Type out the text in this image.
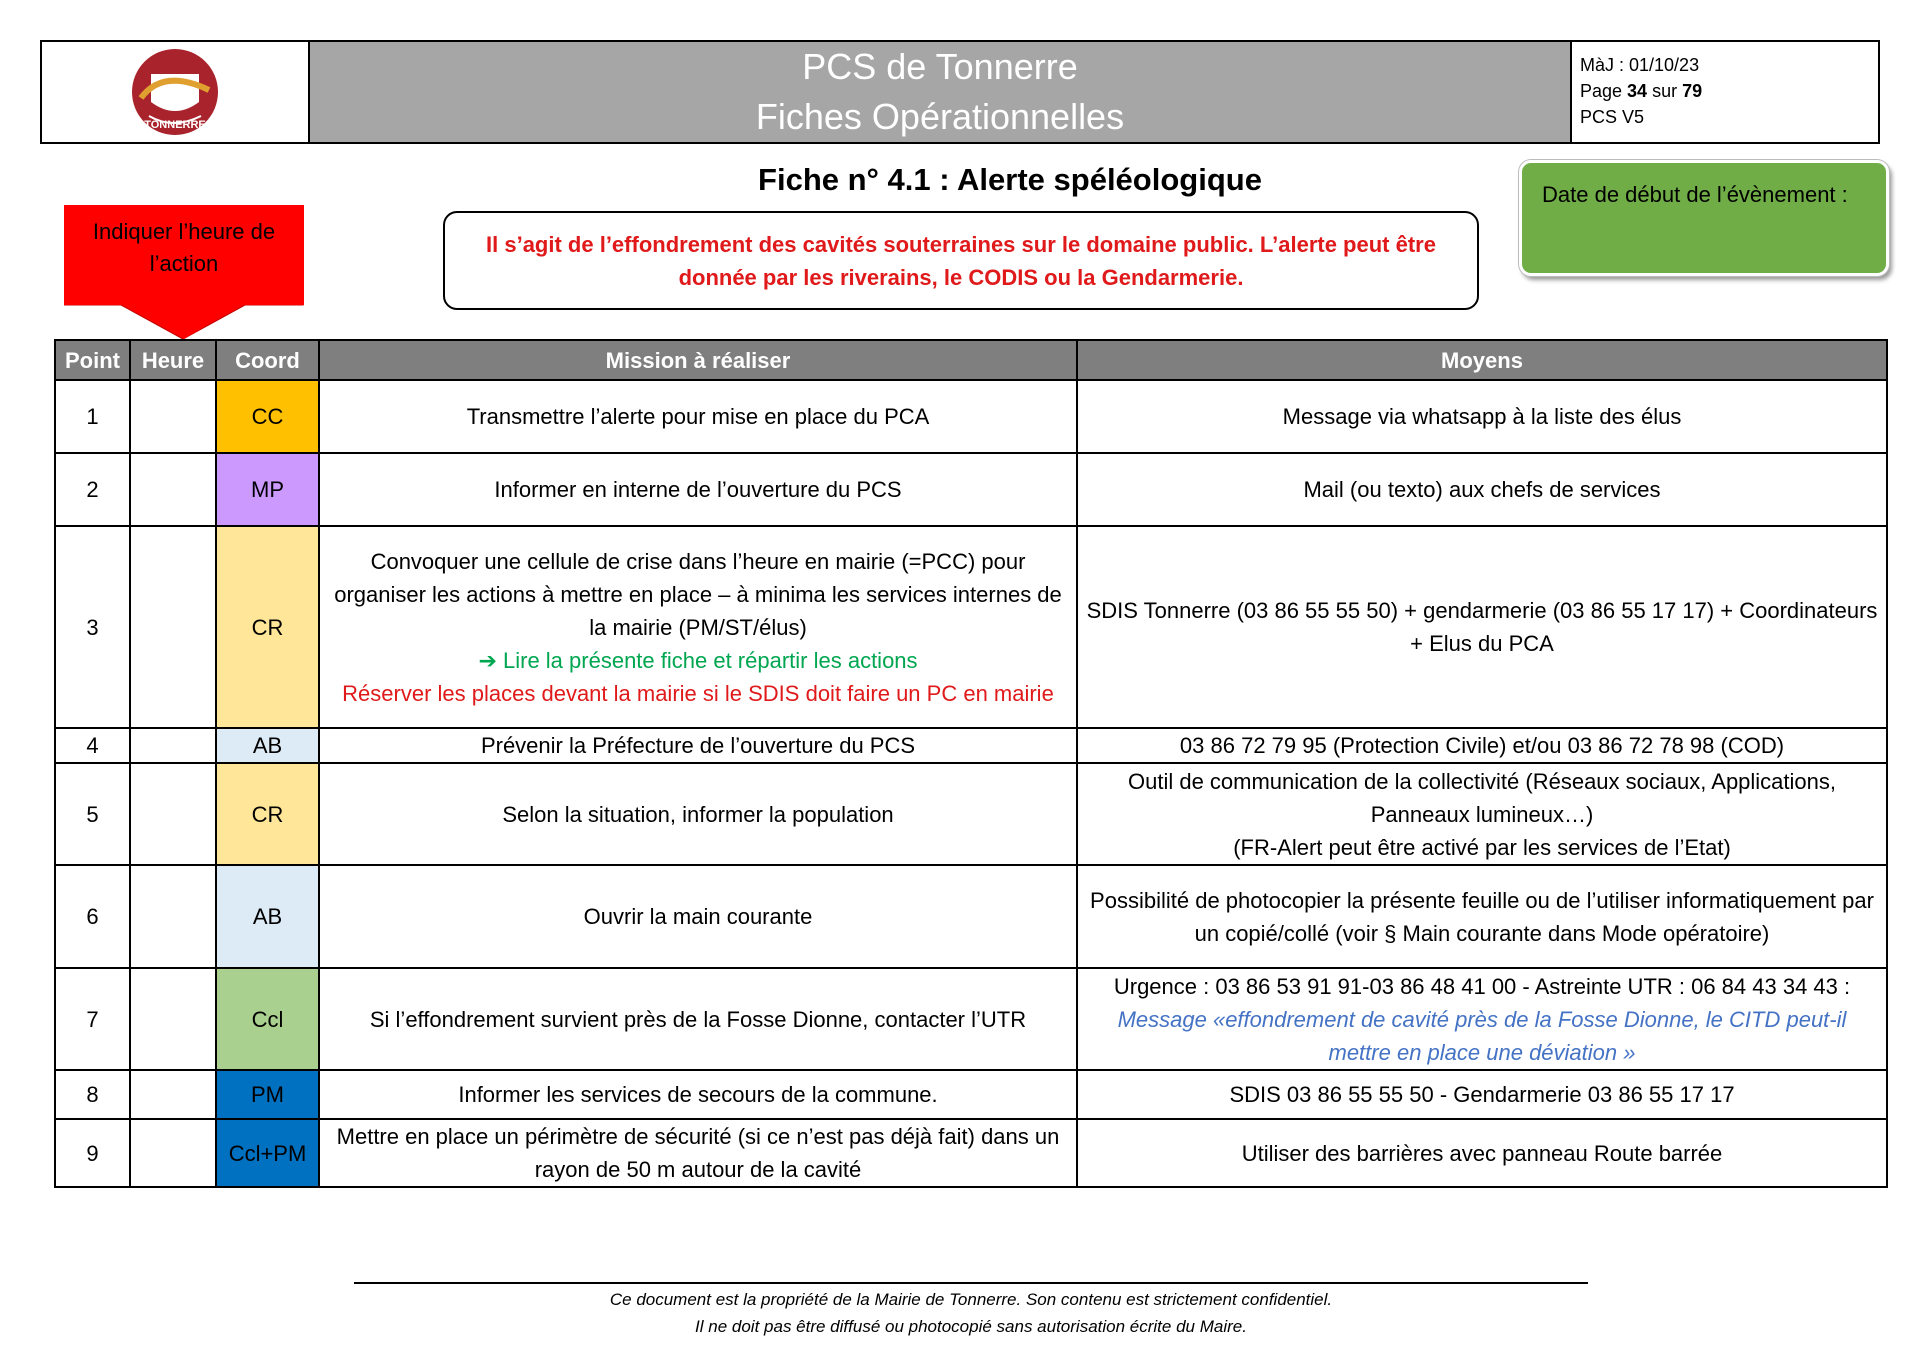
TONNERRE
PCS de Tonnerre
Fiches Opérationnelles
MàJ : 01/10/23
Page 34 sur 79
PCS V5
Fiche n° 4.1 : Alerte spéléologique
Il s’agit de l’effondrement des cavités souterraines sur le domaine public. L’alerte peut être donnée par les riverains, le CODIS ou la Gendarmerie.
Date de début de l’évènement :
Indiquer l’heure de l’action
Point	Heure	Coord	Mission à réaliser	Moyens
1		CC	Transmettre l’alerte pour mise en place du PCA	Message via whatsapp à la liste des élus
2		MP	Informer en interne de l’ouverture du PCS	Mail (ou texto) aux chefs de services
3		CR	Convoquer une cellule de crise dans l’heure en mairie (=PCC) pour organiser les actions à mettre en place – à minima les services internes de la mairie (PM/ST/élus)
➔ Lire la présente fiche et répartir les actions
Réserver les places devant la mairie si le SDIS doit faire un PC en mairie	SDIS Tonnerre (03 86 55 55 50) + gendarmerie (03 86 55 17 17) + Coordinateurs + Elus du PCA
4		AB	Prévenir la Préfecture de l’ouverture du PCS	03 86 72 79 95 (Protection Civile) et/ou 03 86 72 78 98 (COD)
5		CR	Selon la situation, informer la population	Outil de communication de la collectivité (Réseaux sociaux, Applications, Panneaux lumineux…)
(FR-Alert peut être activé par les services de l’Etat)

6		AB	Ouvrir la main courante	Possibilité de photocopier la présente feuille ou de l’utiliser informatiquement par un copié/collé (voir § Main courante dans Mode opératoire)
7		Ccl	Si l’effondrement survient près de la Fosse Dionne, contacter l’UTR	Urgence : 03 86 53 91 91-03 86 48 41 00 - Astreinte UTR : 06 84 43 34 43 : Message «effondrement de cavité près de la Fosse Dionne, le CITD peut-il mettre en place une déviation »
8		PM	Informer les services de secours de la commune.	SDIS 03 86 55 55 50 - Gendarmerie 03 86 55 17 17
9		Ccl+PM	Mettre en place un périmètre de sécurité (si ce n’est pas déjà fait) dans un rayon de 50 m autour de la cavité	Utiliser des barrières avec panneau Route barrée
Ce document est la propriété de la Mairie de Tonnerre. Son contenu est strictement confidentiel.
Il ne doit pas être diffusé ou photocopié sans autorisation écrite du Maire.
